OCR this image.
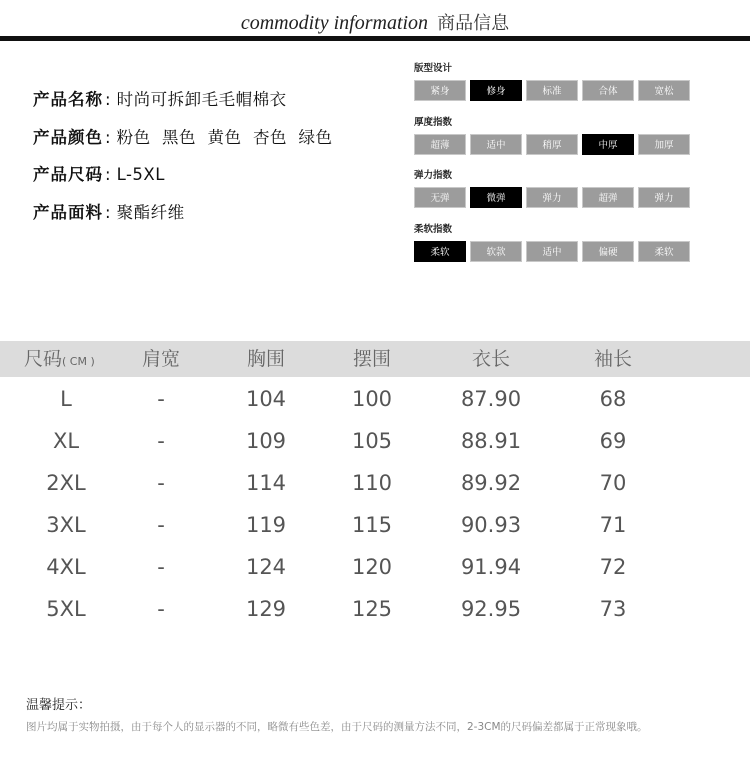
commodity information 商品信息
产品名称 : 时尚可拆卸毛毛帽棉衣
产品颜色 : 粉色  黑色  黄色  杏色  绿色
产品尺码 : L-5XL
产品面料 : 聚酯纤维
版型设计
紧身	修身	标准	合体	宽松
厚度指数
超薄	适中	稍厚	中厚	加厚
弹力指数
无弹	微弹	弹力	超弹	弹力
柔软指数
柔软	软款	适中	偏硬	柔软
尺码( CM )	肩宽	胸围	摆围	衣长	袖长
L	-	104	100	87.90	68
XL	-	109	105	88.91	69
2XL	-	114	110	89.92	70
3XL	-	119	115	90.93	71
4XL	-	124	120	91.94	72
5XL	-	129	125	92.95	73
温馨提示：
图片均属于实物拍摄，由于每个人的显示器的不同，略微有些色差，由于尺码的测量方法不同，2-3CM的尺码偏差都属于正常现象哦。
